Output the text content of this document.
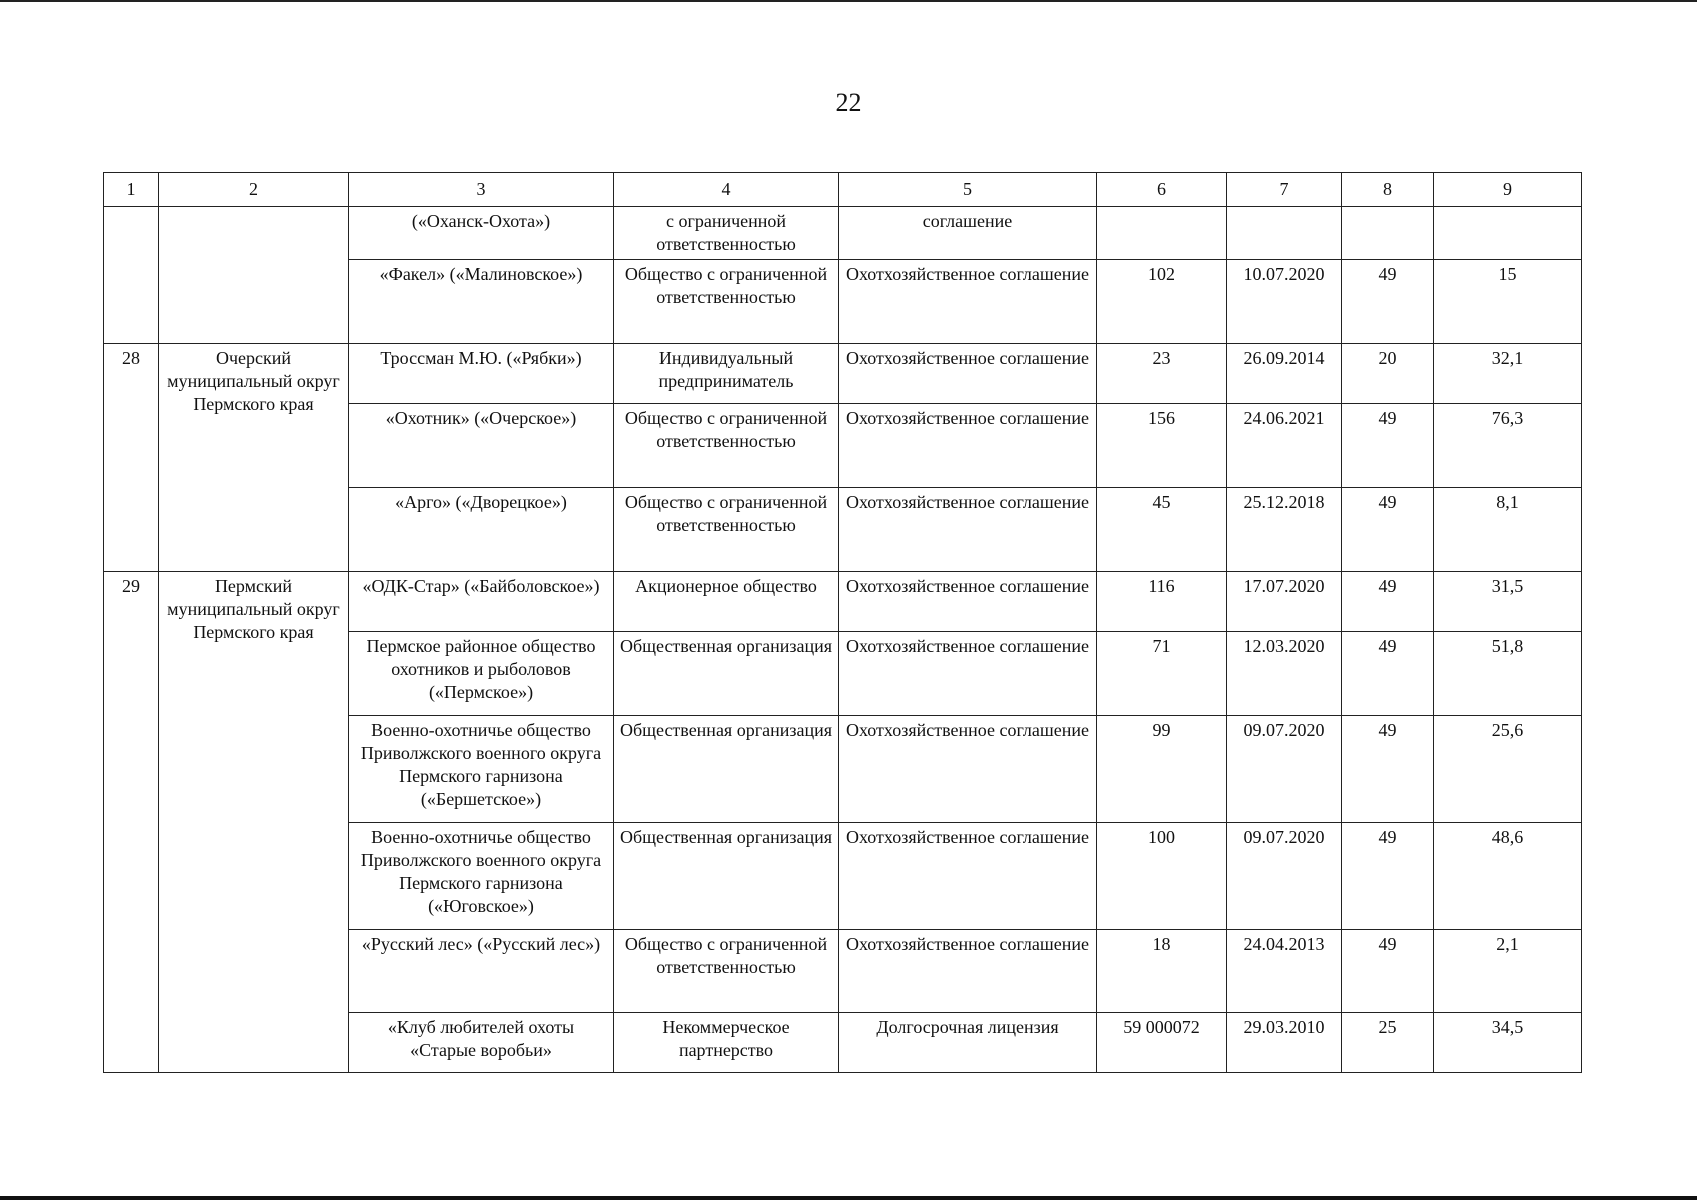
22
1	2	3	4	5	6	7	8	9
		(«Оханск-Охота»)	с ограниченной ответственностью	соглашение				
		«Факел» («Малиновское»)	Общество с ограниченной ответственностью	Охотхозяйственное соглашение	102	10.07.2020	49	15
28	Очерский муниципальный округ Пермского края	Троссман М.Ю. («Рябки»)	Индивидуальный предприниматель	Охотхозяйственное соглашение	23	26.09.2014	20	32,1
		«Охотник» («Очерское»)	Общество с ограниченной ответственностью	Охотхозяйственное соглашение	156	24.06.2021	49	76,3
		«Арго» («Дворецкое»)	Общество с ограниченной ответственностью	Охотхозяйственное соглашение	45	25.12.2018	49	8,1
29	Пермский муниципальный округ Пермского края	«ОДК-Стар» («Байболовское»)	Акционерное общество	Охотхозяйственное соглашение	116	17.07.2020	49	31,5
		Пермское районное общество охотников и рыболовов («Пермское»)	Общественная организация	Охотхозяйственное соглашение	71	12.03.2020	49	51,8
		Военно-охотничье общество Приволжского военного округа Пермского гарнизона («Бершетское»)	Общественная организация	Охотхозяйственное соглашение	99	09.07.2020	49	25,6
		Военно-охотничье общество Приволжского военного округа Пермского гарнизона («Юговское»)	Общественная организация	Охотхозяйственное соглашение	100	09.07.2020	49	48,6
		«Русский лес» («Русский лес»)	Общество с ограниченной ответственностью	Охотхозяйственное соглашение	18	24.04.2013	49	2,1
		«Клуб любителей охоты «Старые воробьи»	Некоммерческое партнерство	Долгосрочная лицензия	59 000072	29.03.2010	25	34,5
